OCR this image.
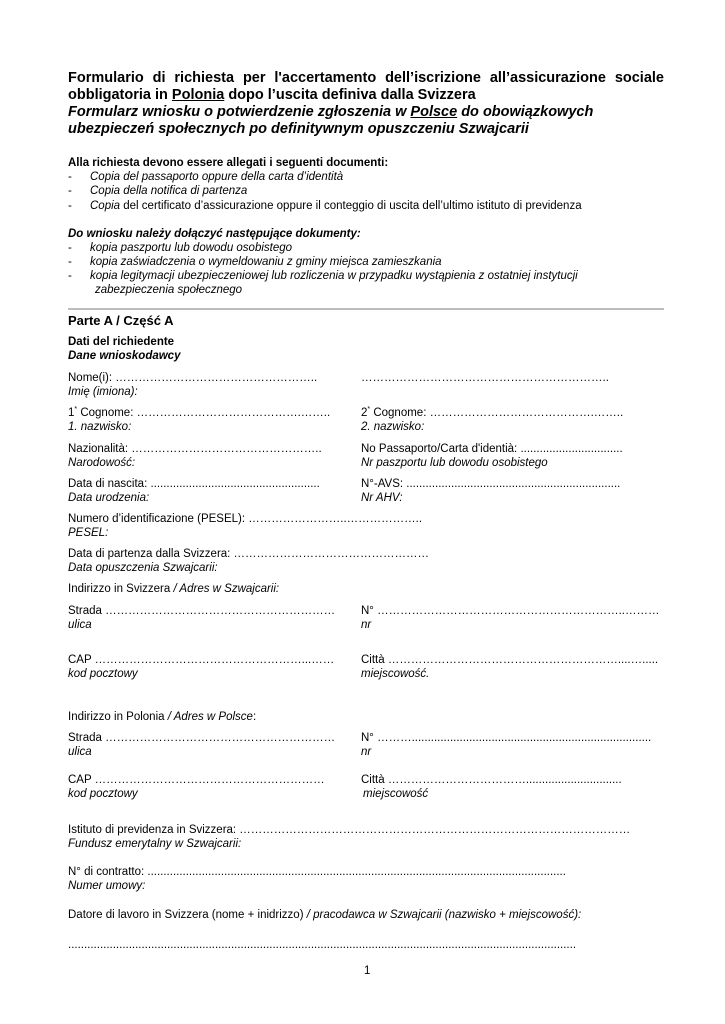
Formulario di richiesta per l'accertamento dell’iscrizione all’assicurazione sociale
obbligatoria in Polonia dopo l’uscita definiva dalla Svizzera
Formularz wniosku o potwierdzenie zgłoszenia w Polsce do obowiązkowych
ubezpieczeń społecznych po definitywnym opuszczeniu Szwajcarii
Alla richiesta devono essere allegati i seguenti documenti:
- Copia del passaporto oppure della carta d’identità
- Copia della notifica di partenza
- Copia del certificato d’assicurazione oppure il conteggio di uscita dell’ultimo istituto di previdenza
Do wniosku należy dołączyć następujące dokumenty:
- kopia paszportu lub dowodu osobistego
- kopia zaświadczenia o wymeldowaniu z gminy miejsca zamieszkania
- kopia legitymacji ubezpieczeniowej lub rozliczenia w przypadku wystąpienia z ostatniej instytucji
zabezpieczenia społecznego
Parte A / Część A
Dati del richiedente
Dane wnioskodawcy
Nome(i): ……………………………………………..
Imię (imiona):
………………………………………………………..
1* Cognome: …………………………………….……..
1. nazwisko:
2* Cognome: …………………………………….……..
2. nazwisko:
Nazionalità: …………………………………………..
Narodowość:
No Passaporto/Carta d'identià: ................................
Nr paszportu lub dowodu osobistego
Data di nascita: .....................................................
Data urodzenia:
N°-AVS: ...................................................................
Nr AHV:
Numero d’identificazione (PESEL): ……………………..………………..
PESEL:
Data di partenza dalla Svizzera: ……………………………………………
Data opuszczenia Szwajcarii:
Indirizzo in Svizzera / Adres w Szwajcarii:
Strada ……………………………………………………
ulica
N° ………………………………………………………..………
nr
CAP ………………………………………………...……
kod pocztowy
Città ……………………………………………………....….....
miejscowość.
Indirizzo in Polonia / Adres w Polsce:
Strada ……………………………………………………
ulica
N° ………...........................................................................
nr
CAP ……………………………………………………
kod pocztowy
Città ………………………………..............................
miejscowość
Istituto di previdenza in Svizzera: …………………………………………………………………………………………
Fundusz emerytalny w Szwajcarii:
N° di contratto: ...................................................................................................................................
Numer umowy:
Datore di lavoro in Svizzera (nome + inidrizzo) / pracodawca w Szwajcarii (nazwisko + miejscowość):
...............................................................................................................................................................
1
